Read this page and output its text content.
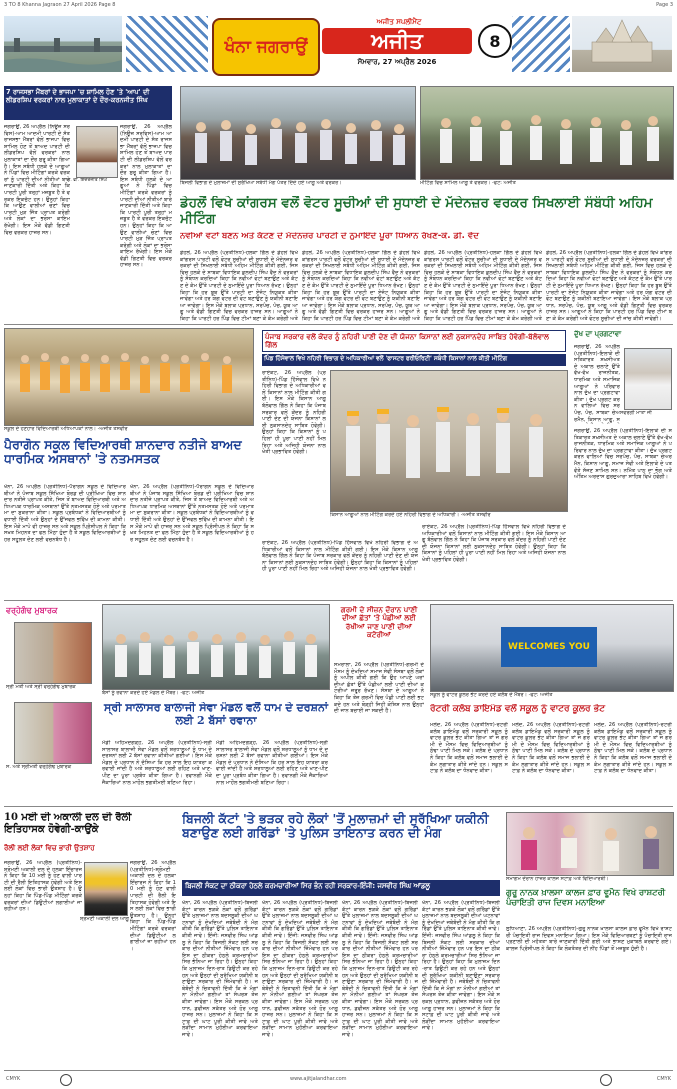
3 TO 8 Khanna Jagraon 27 April 2026 Page 8	Page 3
ਖੰਨਾ ਜਗਰਾਉਂ
ਅਜੀਤ ਸਪਲੀਮੈਂਟ
ਅਜੀਤ
ਸੋਮਵਾਰ, 27 ਅਪ੍ਰੈਲ 2026
8
7 ਰਾਜਸਭਾ ਮੈਂਬਰਾਂ ਦੇ ਭਾਜਪਾ 'ਚ ਸ਼ਾਮਿਲ ਹੋਣ 'ਤੇ 'ਆਪ' ਦੀ ਲੀਡਰਸ਼ਿਪ ਵਰਕਰਾਂ ਨਾਲ ਮੁਲਾਕਾਤਾਂ ਦੇ ਦੌਰ-ਕਰਨਜੀਤ ਸਿੰਘ
ਪੀ. ਵੀ. ਇੰਦਰਜੀਤ ਸਿੰਘ
ਜਗਰਾਉਂ, 26 ਅਪ੍ਰੈਲ (ਨਿਊਜ਼ ਸਰਵਿਸ)-ਆਮ ਆਦਮੀ ਪਾਰਟੀ ਦੇ ਸੱਤ ਰਾਜਸਭਾ ਮੈਂਬਰਾਂ ਵੱਲੋਂ ਭਾਜਪਾ ਵਿਚ ਸ਼ਾਮਿਲ ਹੋਣ ਤੋਂ ਬਾਅਦ ਪਾਰਟੀ ਦੀ ਲੀਡਰਸ਼ਿਪ ਵੱਲੋਂ ਵਰਕਰਾਂ ਨਾਲ ਮੁਲਾਕਾਤਾਂ ਦਾ ਦੌਰ ਸ਼ੁਰੂ ਕੀਤਾ ਗਿਆ ਹੈ। ਇਸ ਸਬੰਧੀ ਹਲਕੇ ਦੇ ਆਗੂਆਂ ਨੇ ਪਿੰਡਾਂ ਵਿਚ ਮੀਟਿੰਗਾਂ ਕਰਕੇ ਵਰਕਰਾਂ ਨੂੰ ਪਾਰਟੀ ਦੀਆਂ ਨੀਤੀਆਂ ਬਾਰੇ ਜਾਣਕਾਰੀ ਦਿੱਤੀ ਅਤੇ ਕਿਹਾ ਕਿ ਪਾਰਟੀ ਪੂਰੀ ਤਰ੍ਹਾਂ ਮਜ਼ਬੂਤ ਹੈ ਤੇ ਵਰਕਰ ਇਕਜੁੱਟ ਹਨ। ਉਨ੍ਹਾਂ ਕਿਹਾ ਕਿ ਆਉਣ ਵਾਲੀਆਂ ਚੋਣਾਂ ਵਿਚ ਪਾਰਟੀ ਮੁੜ ਜਿੱਤ ਪ੍ਰਾਪਤ ਕਰੇਗੀ ਅਤੇ ਲੋਕਾਂ ਦਾ ਭਰੋਸਾ ਕਾਇਮ ਰੱਖੇਗੀ। ਇਸ ਮੌਕੇ ਵੱਡੀ ਗਿਣਤੀ ਵਿਚ ਵਰਕਰ ਹਾਜ਼ਰ ਸਨ।
ਜਗਰਾਉਂ, 26 ਅਪ੍ਰੈਲ (ਨਿਊਜ਼ ਸਰਵਿਸ)-ਆਮ ਆਦਮੀ ਪਾਰਟੀ ਦੇ ਸੱਤ ਰਾਜਸਭਾ ਮੈਂਬਰਾਂ ਵੱਲੋਂ ਭਾਜਪਾ ਵਿਚ ਸ਼ਾਮਿਲ ਹੋਣ ਤੋਂ ਬਾਅਦ ਪਾਰਟੀ ਦੀ ਲੀਡਰਸ਼ਿਪ ਵੱਲੋਂ ਵਰਕਰਾਂ ਨਾਲ ਮੁਲਾਕਾਤਾਂ ਦਾ ਦੌਰ ਸ਼ੁਰੂ ਕੀਤਾ ਗਿਆ ਹੈ। ਇਸ ਸਬੰਧੀ ਹਲਕੇ ਦੇ ਆਗੂਆਂ ਨੇ ਪਿੰਡਾਂ ਵਿਚ ਮੀਟਿੰਗਾਂ ਕਰਕੇ ਵਰਕਰਾਂ ਨੂੰ ਪਾਰਟੀ ਦੀਆਂ ਨੀਤੀਆਂ ਬਾਰੇ ਜਾਣਕਾਰੀ ਦਿੱਤੀ ਅਤੇ ਕਿਹਾ ਕਿ ਪਾਰਟੀ ਪੂਰੀ ਤਰ੍ਹਾਂ ਮਜ਼ਬੂਤ ਹੈ ਤੇ ਵਰਕਰ ਇਕਜੁੱਟ ਹਨ। ਉਨ੍ਹਾਂ ਕਿਹਾ ਕਿ ਆਉਣ ਵਾਲੀਆਂ ਚੋਣਾਂ ਵਿਚ ਪਾਰਟੀ ਮੁੜ ਜਿੱਤ ਪ੍ਰਾਪਤ ਕਰੇਗੀ ਅਤੇ ਲੋਕਾਂ ਦਾ ਭਰੋਸਾ ਕਾਇਮ ਰੱਖੇਗੀ। ਇਸ ਮੌਕੇ ਵੱਡੀ ਗਿਣਤੀ ਵਿਚ ਵਰਕਰ ਹਾਜ਼ਰ ਸਨ।
ਬਿਜਲੀ ਵਿਭਾਗ ਦੇ ਮੁਲਾਜ਼ਮਾਂ ਦੀ ਸੁਰੱਖਿਆ ਸਬੰਧੀ ਮੰਗ ਪੱਤਰ ਦਿੰਦੇ ਹੋਏ ਆਗੂ ਅਤੇ ਵਰਕਰ।	ਮੀਟਿੰਗ ਵਿਚ ਸ਼ਾਮਿਲ ਆਗੂ ਤੇ ਵਰਕਰ। -ਫੋਟੋ: ਅਜੀਤ
ਡੇਹਲੋਂ ਵਿਖੇ ਕਾਂਗਰਸ ਵਲੋਂ ਵੋਟਰ ਸੂਚੀਆਂ ਦੀ ਸੁਧਾਈ ਦੇ ਮੱਦੇਨਜ਼ਰ ਵਰਕਰ ਸਿਖਲਾਈ ਸੰਬੰਧੀ ਅਹਿਮ ਮੀਟਿੰਗ
ਨਵੀਆਂ ਵੋਟਾਂ ਬਣਨ ਅਤੇ ਕੱਟਣ ਦੇ ਮੱਦੇਨਜ਼ਰ ਪਾਰਟੀ ਦੇ ਨੁਮਾਇੰਦੇ ਪੂਰਾ ਧਿਆਨ ਰੱਖਣ-ਕੇ. ਡੀ. ਵੈਦ
ਡੇਹਲੋਂ, 26 ਅਪ੍ਰੈਲ (ਪ੍ਰਤੀਨਿਧ)-ਹਲਕਾ ਗਿੱਲ ਦੇ ਡੇਹਲੋਂ ਵਿਖੇ ਕਾਂਗਰਸ ਪਾਰਟੀ ਵਲੋਂ ਵੋਟਰ ਸੂਚੀਆਂ ਦੀ ਸੁਧਾਈ ਦੇ ਮੱਦੇਨਜ਼ਰ ਵਰਕਰਾਂ ਦੀ ਸਿਖਲਾਈ ਸਬੰਧੀ ਅਹਿਮ ਮੀਟਿੰਗ ਕੀਤੀ ਗਈ, ਜਿਸ ਵਿਚ ਹਲਕੇ ਦੇ ਸਾਬਕਾ ਵਿਧਾਇਕ ਕੁਲਦੀਪ ਸਿੰਘ ਵੈਦ ਨੇ ਵਰਕਰਾਂ ਨੂੰ ਸੰਬੋਧਨ ਕਰਦਿਆਂ ਕਿਹਾ ਕਿ ਨਵੀਆਂ ਵੋਟਾਂ ਬਣਾਉਣ ਅਤੇ ਕੱਟਣ ਦੇ ਕੰਮ ਉੱਤੇ ਪਾਰਟੀ ਦੇ ਨੁਮਾਇੰਦੇ ਪੂਰਾ ਧਿਆਨ ਰੱਖਣ। ਉਨ੍ਹਾਂ ਕਿਹਾ ਕਿ ਹਰ ਬੂਥ ਉੱਤੇ ਪਾਰਟੀ ਦਾ ਏਜੰਟ ਨਿਯੁਕਤ ਕੀਤਾ ਜਾਵੇਗਾ ਅਤੇ ਹਰ ਯੋਗ ਵੋਟਰ ਦੀ ਵੋਟ ਬਣਾਉਣ ਨੂੰ ਯਕੀਨੀ ਬਣਾਇਆ ਜਾਵੇਗਾ। ਇਸ ਮੌਕੇ ਬਲਾਕ ਪ੍ਰਧਾਨ, ਸਰਪੰਚ, ਪੰਚ, ਯੂਥ ਆਗੂ ਅਤੇ ਵੱਡੀ ਗਿਣਤੀ ਵਿਚ ਵਰਕਰ ਹਾਜ਼ਰ ਸਨ। ਆਗੂਆਂ ਨੇ ਕਿਹਾ ਕਿ ਪਾਰਟੀ ਹਰ ਪਿੰਡ ਵਿਚ ਟੀਮਾਂ ਬਣਾ ਕੇ ਕੰਮ ਕਰੇਗੀ ਅਤੇ
ਡੇਹਲੋਂ, 26 ਅਪ੍ਰੈਲ (ਪ੍ਰਤੀਨਿਧ)-ਹਲਕਾ ਗਿੱਲ ਦੇ ਡੇਹਲੋਂ ਵਿਖੇ ਕਾਂਗਰਸ ਪਾਰਟੀ ਵਲੋਂ ਵੋਟਰ ਸੂਚੀਆਂ ਦੀ ਸੁਧਾਈ ਦੇ ਮੱਦੇਨਜ਼ਰ ਵਰਕਰਾਂ ਦੀ ਸਿਖਲਾਈ ਸਬੰਧੀ ਅਹਿਮ ਮੀਟਿੰਗ ਕੀਤੀ ਗਈ, ਜਿਸ ਵਿਚ ਹਲਕੇ ਦੇ ਸਾਬਕਾ ਵਿਧਾਇਕ ਕੁਲਦੀਪ ਸਿੰਘ ਵੈਦ ਨੇ ਵਰਕਰਾਂ ਨੂੰ ਸੰਬੋਧਨ ਕਰਦਿਆਂ ਕਿਹਾ ਕਿ ਨਵੀਆਂ ਵੋਟਾਂ ਬਣਾਉਣ ਅਤੇ ਕੱਟਣ ਦੇ ਕੰਮ ਉੱਤੇ ਪਾਰਟੀ ਦੇ ਨੁਮਾਇੰਦੇ ਪੂਰਾ ਧਿਆਨ ਰੱਖਣ। ਉਨ੍ਹਾਂ ਕਿਹਾ ਕਿ ਹਰ ਬੂਥ ਉੱਤੇ ਪਾਰਟੀ ਦਾ ਏਜੰਟ ਨਿਯੁਕਤ ਕੀਤਾ ਜਾਵੇਗਾ ਅਤੇ ਹਰ ਯੋਗ ਵੋਟਰ ਦੀ ਵੋਟ ਬਣਾਉਣ ਨੂੰ ਯਕੀਨੀ ਬਣਾਇਆ ਜਾਵੇਗਾ। ਇਸ ਮੌਕੇ ਬਲਾਕ ਪ੍ਰਧਾਨ, ਸਰਪੰਚ, ਪੰਚ, ਯੂਥ ਆਗੂ ਅਤੇ ਵੱਡੀ ਗਿਣਤੀ ਵਿਚ ਵਰਕਰ ਹਾਜ਼ਰ ਸਨ। ਆਗੂਆਂ ਨੇ ਕਿਹਾ ਕਿ ਪਾਰਟੀ ਹਰ ਪਿੰਡ ਵਿਚ ਟੀਮਾਂ ਬਣਾ ਕੇ ਕੰਮ ਕਰੇਗੀ ਅਤੇ
ਡੇਹਲੋਂ, 26 ਅਪ੍ਰੈਲ (ਪ੍ਰਤੀਨਿਧ)-ਹਲਕਾ ਗਿੱਲ ਦੇ ਡੇਹਲੋਂ ਵਿਖੇ ਕਾਂਗਰਸ ਪਾਰਟੀ ਵਲੋਂ ਵੋਟਰ ਸੂਚੀਆਂ ਦੀ ਸੁਧਾਈ ਦੇ ਮੱਦੇਨਜ਼ਰ ਵਰਕਰਾਂ ਦੀ ਸਿਖਲਾਈ ਸਬੰਧੀ ਅਹਿਮ ਮੀਟਿੰਗ ਕੀਤੀ ਗਈ, ਜਿਸ ਵਿਚ ਹਲਕੇ ਦੇ ਸਾਬਕਾ ਵਿਧਾਇਕ ਕੁਲਦੀਪ ਸਿੰਘ ਵੈਦ ਨੇ ਵਰਕਰਾਂ ਨੂੰ ਸੰਬੋਧਨ ਕਰਦਿਆਂ ਕਿਹਾ ਕਿ ਨਵੀਆਂ ਵੋਟਾਂ ਬਣਾਉਣ ਅਤੇ ਕੱਟਣ ਦੇ ਕੰਮ ਉੱਤੇ ਪਾਰਟੀ ਦੇ ਨੁਮਾਇੰਦੇ ਪੂਰਾ ਧਿਆਨ ਰੱਖਣ। ਉਨ੍ਹਾਂ ਕਿਹਾ ਕਿ ਹਰ ਬੂਥ ਉੱਤੇ ਪਾਰਟੀ ਦਾ ਏਜੰਟ ਨਿਯੁਕਤ ਕੀਤਾ ਜਾਵੇਗਾ ਅਤੇ ਹਰ ਯੋਗ ਵੋਟਰ ਦੀ ਵੋਟ ਬਣਾਉਣ ਨੂੰ ਯਕੀਨੀ ਬਣਾਇਆ ਜਾਵੇਗਾ। ਇਸ ਮੌਕੇ ਬਲਾਕ ਪ੍ਰਧਾਨ, ਸਰਪੰਚ, ਪੰਚ, ਯੂਥ ਆਗੂ ਅਤੇ ਵੱਡੀ ਗਿਣਤੀ ਵਿਚ ਵਰਕਰ ਹਾਜ਼ਰ ਸਨ। ਆਗੂਆਂ ਨੇ ਕਿਹਾ ਕਿ ਪਾਰਟੀ ਹਰ ਪਿੰਡ ਵਿਚ ਟੀਮਾਂ ਬਣਾ ਕੇ ਕੰਮ ਕਰੇਗੀ ਅਤੇ
ਡੇਹਲੋਂ, 26 ਅਪ੍ਰੈਲ (ਪ੍ਰਤੀਨਿਧ)-ਹਲਕਾ ਗਿੱਲ ਦੇ ਡੇਹਲੋਂ ਵਿਖੇ ਕਾਂਗਰਸ ਪਾਰਟੀ ਵਲੋਂ ਵੋਟਰ ਸੂਚੀਆਂ ਦੀ ਸੁਧਾਈ ਦੇ ਮੱਦੇਨਜ਼ਰ ਵਰਕਰਾਂ ਦੀ ਸਿਖਲਾਈ ਸਬੰਧੀ ਅਹਿਮ ਮੀਟਿੰਗ ਕੀਤੀ ਗਈ, ਜਿਸ ਵਿਚ ਹਲਕੇ ਦੇ ਸਾਬਕਾ ਵਿਧਾਇਕ ਕੁਲਦੀਪ ਸਿੰਘ ਵੈਦ ਨੇ ਵਰਕਰਾਂ ਨੂੰ ਸੰਬੋਧਨ ਕਰਦਿਆਂ ਕਿਹਾ ਕਿ ਨਵੀਆਂ ਵੋਟਾਂ ਬਣਾਉਣ ਅਤੇ ਕੱਟਣ ਦੇ ਕੰਮ ਉੱਤੇ ਪਾਰਟੀ ਦੇ ਨੁਮਾਇੰਦੇ ਪੂਰਾ ਧਿਆਨ ਰੱਖਣ। ਉਨ੍ਹਾਂ ਕਿਹਾ ਕਿ ਹਰ ਬੂਥ ਉੱਤੇ ਪਾਰਟੀ ਦਾ ਏਜੰਟ ਨਿਯੁਕਤ ਕੀਤਾ ਜਾਵੇਗਾ ਅਤੇ ਹਰ ਯੋਗ ਵੋਟਰ ਦੀ ਵੋਟ ਬਣਾਉਣ ਨੂੰ ਯਕੀਨੀ ਬਣਾਇਆ ਜਾਵੇਗਾ। ਇਸ ਮੌਕੇ ਬਲਾਕ ਪ੍ਰਧਾਨ, ਸਰਪੰਚ, ਪੰਚ, ਯੂਥ ਆਗੂ ਅਤੇ ਵੱਡੀ ਗਿਣਤੀ ਵਿਚ ਵਰਕਰ ਹਾਜ਼ਰ ਸਨ। ਆਗੂਆਂ ਨੇ ਕਿਹਾ ਕਿ ਪਾਰਟੀ ਹਰ ਪਿੰਡ ਵਿਚ ਟੀਮਾਂ ਬਣਾ ਕੇ ਕੰਮ ਕਰੇਗੀ ਅਤੇ ਵੋਟਰ ਸੂਚੀਆਂ ਦੀ ਜਾਂਚ ਕੀਤੀ ਜਾਵੇਗੀ।
ਸਕੂਲ ਦੇ ਹੋਣਹਾਰ ਵਿਦਿਆਰਥੀ ਅਧਿਆਪਕਾਂ ਨਾਲ। -ਅਜੀਤ ਤਸਵੀਰ
ਪੈਰਾਗੋਨ ਸਕੂਲ ਵਿਦਿਆਰਥੀ ਸ਼ਾਨਦਾਰ ਨਤੀਜੇ ਬਾਅਦ ਧਾਰਮਿਕ ਅਸਥਾਨਾਂ 'ਤੇ ਨਤਮਸਤਕ
ਖੰਨਾ, 26 ਅਪ੍ਰੈਲ (ਪ੍ਰਤੀਨਿਧ)-ਪੈਰਾਗੋਨ ਸਕੂਲ ਦੇ ਵਿਦਿਆਰਥੀਆਂ ਨੇ ਪੰਜਾਬ ਸਕੂਲ ਸਿੱਖਿਆ ਬੋਰਡ ਦੀ ਪ੍ਰੀਖਿਆ ਵਿਚ ਸ਼ਾਨਦਾਰ ਨਤੀਜੇ ਪ੍ਰਾਪਤ ਕੀਤੇ, ਜਿਸ ਤੋਂ ਬਾਅਦ ਵਿਦਿਆਰਥੀ ਅਤੇ ਅਧਿਆਪਕ ਧਾਰਮਿਕ ਅਸਥਾਨਾਂ ਉੱਤੇ ਨਤਮਸਤਕ ਹੋਏ ਅਤੇ ਪਰਮਾਤਮਾ ਦਾ ਸ਼ੁਕਰਾਨਾ ਕੀਤਾ। ਸਕੂਲ ਪ੍ਰਬੰਧਕਾਂ ਨੇ ਵਿਦਿਆਰਥੀਆਂ ਨੂੰ ਵਧਾਈ ਦਿੱਤੀ ਅਤੇ ਉਨ੍ਹਾਂ ਦੇ ਉੱਜਵਲ ਭਵਿੱਖ ਦੀ ਕਾਮਨਾ ਕੀਤੀ। ਇਸ ਮੌਕੇ ਮਾਪੇ ਵੀ ਹਾਜ਼ਰ ਸਨ ਅਤੇ ਸਕੂਲ ਪ੍ਰਿੰਸੀਪਲ ਨੇ ਕਿਹਾ ਕਿ ਸਖ਼ਤ ਮਿਹਨਤ ਦਾ ਫਲ ਮਿੱਠਾ ਹੁੰਦਾ ਹੈ ਤੇ ਸਕੂਲ ਵਿਦਿਆਰਥੀਆਂ ਨੂੰ ਹਰ ਸਹੂਲਤ ਦੇਣ ਲਈ ਵਚਨਬੱਧ ਹੈ।
ਖੰਨਾ, 26 ਅਪ੍ਰੈਲ (ਪ੍ਰਤੀਨਿਧ)-ਪੈਰਾਗੋਨ ਸਕੂਲ ਦੇ ਵਿਦਿਆਰਥੀਆਂ ਨੇ ਪੰਜਾਬ ਸਕੂਲ ਸਿੱਖਿਆ ਬੋਰਡ ਦੀ ਪ੍ਰੀਖਿਆ ਵਿਚ ਸ਼ਾਨਦਾਰ ਨਤੀਜੇ ਪ੍ਰਾਪਤ ਕੀਤੇ, ਜਿਸ ਤੋਂ ਬਾਅਦ ਵਿਦਿਆਰਥੀ ਅਤੇ ਅਧਿਆਪਕ ਧਾਰਮਿਕ ਅਸਥਾਨਾਂ ਉੱਤੇ ਨਤਮਸਤਕ ਹੋਏ ਅਤੇ ਪਰਮਾਤਮਾ ਦਾ ਸ਼ੁਕਰਾਨਾ ਕੀਤਾ। ਸਕੂਲ ਪ੍ਰਬੰਧਕਾਂ ਨੇ ਵਿਦਿਆਰਥੀਆਂ ਨੂੰ ਵਧਾਈ ਦਿੱਤੀ ਅਤੇ ਉਨ੍ਹਾਂ ਦੇ ਉੱਜਵਲ ਭਵਿੱਖ ਦੀ ਕਾਮਨਾ ਕੀਤੀ। ਇਸ ਮੌਕੇ ਮਾਪੇ ਵੀ ਹਾਜ਼ਰ ਸਨ ਅਤੇ ਸਕੂਲ ਪ੍ਰਿੰਸੀਪਲ ਨੇ ਕਿਹਾ ਕਿ ਸਖ਼ਤ ਮਿਹਨਤ ਦਾ ਫਲ ਮਿੱਠਾ ਹੁੰਦਾ ਹੈ ਤੇ ਸਕੂਲ ਵਿਦਿਆਰਥੀਆਂ ਨੂੰ ਹਰ ਸਹੂਲਤ ਦੇਣ ਲਈ ਵਚਨਬੱਧ ਹੈ।
ਪੰਜਾਬ ਸਰਕਾਰ ਵਲੋਂ ਕੇਂਦਰ ਨੂੰ ਨਹਿਰੀ ਪਾਣੀ ਦੇਣ ਦੀ ਯੋਜਨਾ ਕਿਸਾਨਾਂ ਲਈ ਨੁਕਸਾਨਦੇਹ ਸਾਬਿਤ ਹੋਵੇਗੀ-ਬੱਲੋਵਾਲ ਗਿੱਲ
ਪਿੰਡ ਹਿੱਸੋਵਾਲ ਵਿਖੇ ਨਹਿਰੀ ਵਿਭਾਗ ਦੇ ਅਧਿਕਾਰੀਆਂ ਵਲੋਂ 'ਫਾਸਟਰ ਫਰੀਓਰਿਟੀ' ਸਬੰਧੀ ਕਿਸਾਨਾਂ ਨਾਲ ਕੀਤੀ ਮੀਟਿੰਗ
ਰਾਏਕੋਟ, 26 ਅਪ੍ਰੈਲ (ਪ੍ਰਤੀਨਿਧ)-ਪਿੰਡ ਹਿੱਸੋਵਾਲ ਵਿਖੇ ਨਹਿਰੀ ਵਿਭਾਗ ਦੇ ਅਧਿਕਾਰੀਆਂ ਵਲੋਂ ਕਿਸਾਨਾਂ ਨਾਲ ਮੀਟਿੰਗ ਕੀਤੀ ਗਈ। ਇਸ ਮੌਕੇ ਕਿਸਾਨ ਆਗੂ ਬੱਲੋਵਾਲ ਗਿੱਲ ਨੇ ਕਿਹਾ ਕਿ ਪੰਜਾਬ ਸਰਕਾਰ ਵਲੋਂ ਕੇਂਦਰ ਨੂੰ ਨਹਿਰੀ ਪਾਣੀ ਦੇਣ ਦੀ ਯੋਜਨਾ ਕਿਸਾਨਾਂ ਲਈ ਨੁਕਸਾਨਦੇਹ ਸਾਬਿਤ ਹੋਵੇਗੀ। ਉਨ੍ਹਾਂ ਕਿਹਾ ਕਿ ਕਿਸਾਨਾਂ ਨੂੰ ਪਹਿਲਾਂ ਹੀ ਪੂਰਾ ਪਾਣੀ ਨਹੀਂ ਮਿਲ ਰਿਹਾ ਅਤੇ ਅਜਿਹੀ ਯੋਜਨਾ ਨਾਲ ਖੇਤੀ ਪ੍ਰਭਾਵਿਤ ਹੋਵੇਗੀ।
ਕਿਸਾਨ ਆਗੂਆਂ ਨਾਲ ਮੀਟਿੰਗ ਕਰਦੇ ਹੋਏ ਨਹਿਰੀ ਵਿਭਾਗ ਦੇ ਅਧਿਕਾਰੀ। -ਅਜੀਤ ਤਸਵੀਰ
ਰਾਏਕੋਟ, 26 ਅਪ੍ਰੈਲ (ਪ੍ਰਤੀਨਿਧ)-ਪਿੰਡ ਹਿੱਸੋਵਾਲ ਵਿਖੇ ਨਹਿਰੀ ਵਿਭਾਗ ਦੇ ਅਧਿਕਾਰੀਆਂ ਵਲੋਂ ਕਿਸਾਨਾਂ ਨਾਲ ਮੀਟਿੰਗ ਕੀਤੀ ਗਈ। ਇਸ ਮੌਕੇ ਕਿਸਾਨ ਆਗੂ ਬੱਲੋਵਾਲ ਗਿੱਲ ਨੇ ਕਿਹਾ ਕਿ ਪੰਜਾਬ ਸਰਕਾਰ ਵਲੋਂ ਕੇਂਦਰ ਨੂੰ ਨਹਿਰੀ ਪਾਣੀ ਦੇਣ ਦੀ ਯੋਜਨਾ ਕਿਸਾਨਾਂ ਲਈ ਨੁਕਸਾਨਦੇਹ ਸਾਬਿਤ ਹੋਵੇਗੀ। ਉਨ੍ਹਾਂ ਕਿਹਾ ਕਿ ਕਿਸਾਨਾਂ ਨੂੰ ਪਹਿਲਾਂ ਹੀ ਪੂਰਾ ਪਾਣੀ ਨਹੀਂ ਮਿਲ ਰਿਹਾ ਅਤੇ ਅਜਿਹੀ ਯੋਜਨਾ ਨਾਲ ਖੇਤੀ ਪ੍ਰਭਾਵਿਤ ਹੋਵੇਗੀ।
ਰਾਏਕੋਟ, 26 ਅਪ੍ਰੈਲ (ਪ੍ਰਤੀਨਿਧ)-ਪਿੰਡ ਹਿੱਸੋਵਾਲ ਵਿਖੇ ਨਹਿਰੀ ਵਿਭਾਗ ਦੇ ਅਧਿਕਾਰੀਆਂ ਵਲੋਂ ਕਿਸਾਨਾਂ ਨਾਲ ਮੀਟਿੰਗ ਕੀਤੀ ਗਈ। ਇਸ ਮੌਕੇ ਕਿਸਾਨ ਆਗੂ ਬੱਲੋਵਾਲ ਗਿੱਲ ਨੇ ਕਿਹਾ ਕਿ ਪੰਜਾਬ ਸਰਕਾਰ ਵਲੋਂ ਕੇਂਦਰ ਨੂੰ ਨਹਿਰੀ ਪਾਣੀ ਦੇਣ ਦੀ ਯੋਜਨਾ ਕਿਸਾਨਾਂ ਲਈ ਨੁਕਸਾਨਦੇਹ ਸਾਬਿਤ ਹੋਵੇਗੀ। ਉਨ੍ਹਾਂ ਕਿਹਾ ਕਿ ਕਿਸਾਨਾਂ ਨੂੰ ਪਹਿਲਾਂ ਹੀ ਪੂਰਾ ਪਾਣੀ ਨਹੀਂ ਮਿਲ ਰਿਹਾ ਅਤੇ ਅਜਿਹੀ ਯੋਜਨਾ ਨਾਲ ਖੇਤੀ ਪ੍ਰਭਾਵਿਤ ਹੋਵੇਗੀ।
ਦੁੱਖ ਦਾ ਪ੍ਰਗਟਾਵਾ
ਸਵਰਗੀ ਮਾਤਾ ਜੀ
ਜਗਰਾਉਂ, 26 ਅਪ੍ਰੈਲ (ਪ੍ਰਤੀਨਿਧ)-ਇਲਾਕੇ ਦੀ ਸਤਿਕਾਰਤ ਸ਼ਖ਼ਸੀਅਤ ਦੇ ਅਕਾਲ ਚਲਾਣੇ ਉੱਤੇ ਵੱਖ-ਵੱਖ ਰਾਜਨੀਤਕ, ਧਾਰਮਿਕ ਅਤੇ ਸਮਾਜਿਕ ਆਗੂਆਂ ਨੇ ਪਰਿਵਾਰ ਨਾਲ ਦੁੱਖ ਦਾ ਪ੍ਰਗਟਾਵਾ ਕੀਤਾ। ਦੁੱਖ ਪ੍ਰਗਟ ਕਰਨ ਵਾਲਿਆਂ ਵਿਚ ਸਰਪੰਚ, ਪੰਚ, ਸਾਬਕਾ ਚੇਅਰਮੈਨ, ਕਿਸਾਨ ਆਗੂ, ਸ
ਜਗਰਾਉਂ, 26 ਅਪ੍ਰੈਲ (ਪ੍ਰਤੀਨਿਧ)-ਇਲਾਕੇ ਦੀ ਸਤਿਕਾਰਤ ਸ਼ਖ਼ਸੀਅਤ ਦੇ ਅਕਾਲ ਚਲਾਣੇ ਉੱਤੇ ਵੱਖ-ਵੱਖ ਰਾਜਨੀਤਕ, ਧਾਰਮਿਕ ਅਤੇ ਸਮਾਜਿਕ ਆਗੂਆਂ ਨੇ ਪਰਿਵਾਰ ਨਾਲ ਦੁੱਖ ਦਾ ਪ੍ਰਗਟਾਵਾ ਕੀਤਾ। ਦੁੱਖ ਪ੍ਰਗਟ ਕਰਨ ਵਾਲਿਆਂ ਵਿਚ ਸਰਪੰਚ, ਪੰਚ, ਸਾਬਕਾ ਚੇਅਰਮੈਨ, ਕਿਸਾਨ ਆਗੂ, ਸਮਾਜ ਸੇਵੀ ਅਤੇ ਇਲਾਕੇ ਦੇ ਪਤਵੰਤੇ ਸੱਜਣ ਸ਼ਾਮਿਲ ਸਨ। ਨਮਿੱਤ ਪਾਠ ਦਾ ਭੋਗ ਅਤੇ ਅੰਤਿਮ ਅਰਦਾਸ ਗੁਰਦੁਆਰਾ ਸਾਹਿਬ ਵਿਖੇ ਹੋਵੇਗੀ।
ਵਰ੍ਹੇਗੰਢ ਮੁਬਾਰਕ
ਸ੍ਰੀ ਮਤੀ ਅਤੇ ਸ੍ਰੀ ਵਰ੍ਹੇਗੰਢ ਮੁਬਾਰਕ
ਸ. ਅਤੇ ਸ੍ਰੀਮਤੀ ਵਰ੍ਹੇਗੰਢ ਮੁਬਾਰਕ
ਬੱਸਾਂ ਨੂੰ ਰਵਾਨਾ ਕਰਦੇ ਹੋਏ ਮੰਡਲ ਦੇ ਮੈਂਬਰ। -ਫੋਟੋ: ਅਜੀਤ
ਸ੍ਰੀ ਸਾਲਾਸਰ ਬਾਲਾਜੀ ਸੇਵਾ ਮੰਡਲ ਵਲੋਂ ਧਾਮ ਦੇ ਦਰਸ਼ਨਾਂ ਲਈ 2 ਬੱਸਾਂ ਰਵਾਨਾ
ਮੰਡੀ ਅਹਿਮਦਗੜ੍ਹ, 26 ਅਪ੍ਰੈਲ (ਪ੍ਰਤੀਨਿਧ)-ਸ੍ਰੀ ਸਾਲਾਸਰ ਬਾਲਾਜੀ ਸੇਵਾ ਮੰਡਲ ਵਲੋਂ ਸ਼ਰਧਾਲੂਆਂ ਨੂੰ ਧਾਮ ਦੇ ਦਰਸ਼ਨਾਂ ਲਈ 2 ਬੱਸਾਂ ਰਵਾਨਾ ਕੀਤੀਆਂ ਗਈਆਂ। ਇਸ ਮੌਕੇ ਮੰਡਲ ਦੇ ਪ੍ਰਧਾਨ ਨੇ ਦੱਸਿਆ ਕਿ ਹਰ ਸਾਲ ਇਹ ਯਾਤਰਾ ਕਰਵਾਈ ਜਾਂਦੀ ਹੈ ਅਤੇ ਸ਼ਰਧਾਲੂਆਂ ਲਈ ਰਹਿਣ ਅਤੇ ਖਾਣ-ਪੀਣ ਦਾ ਪੂਰਾ ਪ੍ਰਬੰਧ ਕੀਤਾ ਗਿਆ ਹੈ। ਰਵਾਨਗੀ ਮੌਕੇ ਜੈਕਾਰਿਆਂ ਨਾਲ ਮਾਹੌਲ ਭਗਤੀਮਈ ਬਣਿਆ ਰਿਹਾ।
ਮੰਡੀ ਅਹਿਮਦਗੜ੍ਹ, 26 ਅਪ੍ਰੈਲ (ਪ੍ਰਤੀਨਿਧ)-ਸ੍ਰੀ ਸਾਲਾਸਰ ਬਾਲਾਜੀ ਸੇਵਾ ਮੰਡਲ ਵਲੋਂ ਸ਼ਰਧਾਲੂਆਂ ਨੂੰ ਧਾਮ ਦੇ ਦਰਸ਼ਨਾਂ ਲਈ 2 ਬੱਸਾਂ ਰਵਾਨਾ ਕੀਤੀਆਂ ਗਈਆਂ। ਇਸ ਮੌਕੇ ਮੰਡਲ ਦੇ ਪ੍ਰਧਾਨ ਨੇ ਦੱਸਿਆ ਕਿ ਹਰ ਸਾਲ ਇਹ ਯਾਤਰਾ ਕਰਵਾਈ ਜਾਂਦੀ ਹੈ ਅਤੇ ਸ਼ਰਧਾਲੂਆਂ ਲਈ ਰਹਿਣ ਅਤੇ ਖਾਣ-ਪੀਣ ਦਾ ਪੂਰਾ ਪ੍ਰਬੰਧ ਕੀਤਾ ਗਿਆ ਹੈ। ਰਵਾਨਗੀ ਮੌਕੇ ਜੈਕਾਰਿਆਂ ਨਾਲ ਮਾਹੌਲ ਭਗਤੀਮਈ ਬਣਿਆ ਰਿਹਾ।
ਗਰਮੀ ਦੇ ਸੀਜ਼ਨ ਦੌਰਾਨ ਪਾਣੀ ਦੀਆਂ ਛੱਤਾਂ 'ਤੇ ਪੰਛੀਆਂ ਲਈ ਰੱਖੀਆਂ ਜਾਣ ਪਾਣੀ ਦੀਆਂ ਕਟੋਰੀਆਂ
ਸਮਰਾਲਾ, 26 ਅਪ੍ਰੈਲ (ਪ੍ਰਤੀਨਿਧ)-ਗਰਮੀ ਦੇ ਮੌਸਮ ਨੂੰ ਦੇਖਦਿਆਂ ਸਮਾਜ ਸੇਵੀ ਸੰਸਥਾ ਵਲੋਂ ਲੋਕਾਂ ਨੂੰ ਅਪੀਲ ਕੀਤੀ ਗਈ ਕਿ ਉਹ ਆਪਣੇ ਘਰਾਂ ਦੀਆਂ ਛੱਤਾਂ ਉੱਤੇ ਪੰਛੀਆਂ ਲਈ ਪਾਣੀ ਦੀਆਂ ਕਟੋਰੀਆਂ ਜ਼ਰੂਰ ਰੱਖਣ। ਸੰਸਥਾ ਦੇ ਆਗੂਆਂ ਨੇ ਕਿਹਾ ਕਿ ਤੇਜ਼ ਗਰਮੀ ਵਿਚ ਪੰਛੀ ਪਾਣੀ ਲਈ ਭਟਕਦੇ ਹਨ ਅਤੇ ਥੋੜ੍ਹੀ ਜਿਹੀ ਕੋਸ਼ਿਸ਼ ਨਾਲ ਉਨ੍ਹਾਂ ਦੀ ਜਾਨ ਬਚਾਈ ਜਾ ਸਕਦੀ ਹੈ।
WELCOMES YOU
ਸਕੂਲ ਨੂੰ ਵਾਟਰ ਕੂਲਰ ਭੇਟ ਕਰਦੇ ਹੋਏ ਕਲੱਬ ਦੇ ਮੈਂਬਰ। -ਫੋਟੋ: ਅਜੀਤ
ਰੋਟਰੀ ਕਲੱਬ ਡਾਇਮੰਡ ਵਲੋਂ ਸਕੂਲ ਨੂੰ ਵਾਟਰ ਕੂਲਰ ਭੇਟ
ਮਲੌਦ, 26 ਅਪ੍ਰੈਲ (ਪ੍ਰਤੀਨਿਧ)-ਰੋਟਰੀ ਕਲੱਬ ਡਾਇਮੰਡ ਵਲੋਂ ਸਰਕਾਰੀ ਸਕੂਲ ਨੂੰ ਵਾਟਰ ਕੂਲਰ ਭੇਟ ਕੀਤਾ ਗਿਆ ਤਾਂ ਜੋ ਗਰਮੀ ਦੇ ਮੌਸਮ ਵਿਚ ਵਿਦਿਆਰਥੀਆਂ ਨੂੰ ਠੰਢਾ ਪਾਣੀ ਮਿਲ ਸਕੇ। ਕਲੱਬ ਦੇ ਪ੍ਰਧਾਨ ਨੇ ਕਿਹਾ ਕਿ ਕਲੱਬ ਵਲੋਂ ਸਮਾਜ ਭਲਾਈ ਦੇ ਕੰਮ ਲਗਾਤਾਰ ਕੀਤੇ ਜਾਂਦੇ ਹਨ। ਸਕੂਲ ਸਟਾਫ਼ ਨੇ ਕਲੱਬ ਦਾ ਧੰਨਵਾਦ ਕੀਤਾ।
ਮਲੌਦ, 26 ਅਪ੍ਰੈਲ (ਪ੍ਰਤੀਨਿਧ)-ਰੋਟਰੀ ਕਲੱਬ ਡਾਇਮੰਡ ਵਲੋਂ ਸਰਕਾਰੀ ਸਕੂਲ ਨੂੰ ਵਾਟਰ ਕੂਲਰ ਭੇਟ ਕੀਤਾ ਗਿਆ ਤਾਂ ਜੋ ਗਰਮੀ ਦੇ ਮੌਸਮ ਵਿਚ ਵਿਦਿਆਰਥੀਆਂ ਨੂੰ ਠੰਢਾ ਪਾਣੀ ਮਿਲ ਸਕੇ। ਕਲੱਬ ਦੇ ਪ੍ਰਧਾਨ ਨੇ ਕਿਹਾ ਕਿ ਕਲੱਬ ਵਲੋਂ ਸਮਾਜ ਭਲਾਈ ਦੇ ਕੰਮ ਲਗਾਤਾਰ ਕੀਤੇ ਜਾਂਦੇ ਹਨ। ਸਕੂਲ ਸਟਾਫ਼ ਨੇ ਕਲੱਬ ਦਾ ਧੰਨਵਾਦ ਕੀਤਾ।
ਮਲੌਦ, 26 ਅਪ੍ਰੈਲ (ਪ੍ਰਤੀਨਿਧ)-ਰੋਟਰੀ ਕਲੱਬ ਡਾਇਮੰਡ ਵਲੋਂ ਸਰਕਾਰੀ ਸਕੂਲ ਨੂੰ ਵਾਟਰ ਕੂਲਰ ਭੇਟ ਕੀਤਾ ਗਿਆ ਤਾਂ ਜੋ ਗਰਮੀ ਦੇ ਮੌਸਮ ਵਿਚ ਵਿਦਿਆਰਥੀਆਂ ਨੂੰ ਠੰਢਾ ਪਾਣੀ ਮਿਲ ਸਕੇ। ਕਲੱਬ ਦੇ ਪ੍ਰਧਾਨ ਨੇ ਕਿਹਾ ਕਿ ਕਲੱਬ ਵਲੋਂ ਸਮਾਜ ਭਲਾਈ ਦੇ ਕੰਮ ਲਗਾਤਾਰ ਕੀਤੇ ਜਾਂਦੇ ਹਨ। ਸਕੂਲ ਸਟਾਫ਼ ਨੇ ਕਲੱਬ ਦਾ ਧੰਨਵਾਦ ਕੀਤਾ।
10 ਮਈ ਦੀ ਅਕਾਲੀ ਦਲ ਦੀ ਰੈਲੀ ਇਤਿਹਾਸਕ ਹੋਵੇਗੀ-ਕਾਉਂਕੇ
ਰੈਲੀ ਲਈ ਲੋਕਾਂ ਵਿਚ ਭਾਰੀ ਉਤਸ਼ਾਹ
ਸ਼੍ਰੋਮਣੀ ਅਕਾਲੀ ਦਲ ਆਗੂ
ਜਗਰਾਉਂ, 26 ਅਪ੍ਰੈਲ (ਪ੍ਰਤੀਨਿਧ)-ਸ਼੍ਰੋਮਣੀ ਅਕਾਲੀ ਦਲ ਦੇ ਹਲਕਾ ਇੰਚਾਰਜ ਨੇ ਕਿਹਾ ਕਿ 10 ਮਈ ਨੂੰ ਹੋਣ ਵਾਲੀ ਪਾਰਟੀ ਦੀ ਰੈਲੀ ਇਤਿਹਾਸਕ ਹੋਵੇਗੀ ਅਤੇ ਇਸ ਲਈ ਲੋਕਾਂ ਵਿਚ ਭਾਰੀ ਉਤਸ਼ਾਹ ਹੈ। ਉਨ੍ਹਾਂ ਕਿਹਾ ਕਿ ਪਿੰਡ-ਪਿੰਡ ਮੀਟਿੰਗਾਂ ਕਰਕੇ ਵਰਕਰਾਂ ਦੀਆਂ ਡਿਊਟੀਆਂ ਲਗਾਈਆਂ ਜਾ ਰਹੀਆਂ ਹਨ।
ਜਗਰਾਉਂ, 26 ਅਪ੍ਰੈਲ (ਪ੍ਰਤੀਨਿਧ)-ਸ਼੍ਰੋਮਣੀ ਅਕਾਲੀ ਦਲ ਦੇ ਹਲਕਾ ਇੰਚਾਰਜ ਨੇ ਕਿਹਾ ਕਿ 10 ਮਈ ਨੂੰ ਹੋਣ ਵਾਲੀ ਪਾਰਟੀ ਦੀ ਰੈਲੀ ਇਤਿਹਾਸਕ ਹੋਵੇਗੀ ਅਤੇ ਇਸ ਲਈ ਲੋਕਾਂ ਵਿਚ ਭਾਰੀ ਉਤਸ਼ਾਹ ਹੈ। ਉਨ੍ਹਾਂ ਕਿਹਾ ਕਿ ਪਿੰਡ-ਪਿੰਡ ਮੀਟਿੰਗਾਂ ਕਰਕੇ ਵਰਕਰਾਂ ਦੀਆਂ ਡਿਊਟੀਆਂ ਲਗਾਈਆਂ ਜਾ ਰਹੀਆਂ ਹਨ।
ਬਿਜਲੀ ਕੱਟਾਂ 'ਤੇ ਭੜਕ ਰਹੇ ਲੋਕਾਂ 'ਤੋਂ ਮੁਲਾਜ਼ਮਾਂ ਦੀ ਸੁਰੱਖਿਆ ਯਕੀਨੀ ਬਣਾਉਣ ਲਈ ਗਰਿੱਡਾਂ 'ਤੇ ਪੁਲਿਸ ਤਾਇਨਾਤ ਕਰਨ ਦੀ ਮੰਗ
ਬਿਜਲੀ ਸੰਕਟ ਦਾ ਠੀਕਰਾ ਹੇਠਲੇ ਕਰਮਚਾਰੀਆਂ ਸਿਰ ਭੰਨ ਰਹੀ ਸਰਕਾਰ-ਇੰਜੀ: ਜਸਵੀਰ ਸਿੰਘ ਆਂਡਲੂ
ਖੰਨਾ, 26 ਅਪ੍ਰੈਲ (ਪ੍ਰਤੀਨਿਧ)-ਬਿਜਲੀ ਕੱਟਾਂ ਕਾਰਨ ਭੜਕੇ ਲੋਕਾਂ ਵਲੋਂ ਗਰਿੱਡਾਂ ਉੱਤੇ ਮੁਲਾਜ਼ਮਾਂ ਨਾਲ ਬਦਸਲੂਕੀ ਦੀਆਂ ਘਟਨਾਵਾਂ ਨੂੰ ਦੇਖਦਿਆਂ ਜਥੇਬੰਦੀ ਨੇ ਮੰਗ ਕੀਤੀ ਕਿ ਗਰਿੱਡਾਂ ਉੱਤੇ ਪੁਲਿਸ ਤਾਇਨਾਤ ਕੀਤੀ ਜਾਵੇ। ਇੰਜੀ: ਜਸਵੀਰ ਸਿੰਘ ਆਂਡਲੂ ਨੇ ਕਿਹਾ ਕਿ ਬਿਜਲੀ ਸੰਕਟ ਲਈ ਸਰਕਾਰ ਦੀਆਂ ਨੀਤੀਆਂ ਜ਼ਿੰਮੇਵਾਰ ਹਨ ਪਰ ਇਸ ਦਾ ਠੀਕਰਾ ਹੇਠਲੇ ਕਰਮਚਾਰੀਆਂ ਸਿਰ ਭੰਨਿਆ ਜਾ ਰਿਹਾ ਹੈ। ਉਨ੍ਹਾਂ ਕਿਹਾ ਕਿ ਮੁਲਾਜ਼ਮ ਦਿਨ-ਰਾਤ ਡਿਊਟੀ ਕਰ ਰਹੇ ਹਨ ਅਤੇ ਉਨ੍ਹਾਂ ਦੀ ਸੁਰੱਖਿਆ ਯਕੀਨੀ ਬਣਾਉਣਾ ਸਰਕਾਰ ਦੀ ਜ਼ਿੰਮੇਵਾਰੀ ਹੈ। ਜਥੇਬੰਦੀ ਨੇ ਚਿਤਾਵਨੀ ਦਿੱਤੀ ਕਿ ਜੇ ਮੰਗਾਂ ਨਾ ਮੰਨੀਆਂ ਗਈਆਂ ਤਾਂ ਸੰਘਰਸ਼ ਤੇਜ਼ ਕੀਤਾ ਜਾਵੇਗਾ। ਇਸ ਮੌਕੇ ਸਰਕਲ ਪ੍ਰਧਾਨ, ਡਵੀਜ਼ਨ ਸਕੱਤਰ ਅਤੇ ਹੋਰ ਆਗੂ ਹਾਜ਼ਰ ਸਨ। ਮੁਲਾਜ਼ਮਾਂ ਨੇ ਕਿਹਾ ਕਿ ਸਟਾਫ਼ ਦੀ ਘਾਟ ਪੂਰੀ ਕੀਤੀ ਜਾਵੇ ਅਤੇ ਲੋੜੀਂਦਾ ਸਾਮਾਨ ਮੁਹੱਈਆ ਕਰਵਾਇਆ ਜਾਵੇ।
ਖੰਨਾ, 26 ਅਪ੍ਰੈਲ (ਪ੍ਰਤੀਨਿਧ)-ਬਿਜਲੀ ਕੱਟਾਂ ਕਾਰਨ ਭੜਕੇ ਲੋਕਾਂ ਵਲੋਂ ਗਰਿੱਡਾਂ ਉੱਤੇ ਮੁਲਾਜ਼ਮਾਂ ਨਾਲ ਬਦਸਲੂਕੀ ਦੀਆਂ ਘਟਨਾਵਾਂ ਨੂੰ ਦੇਖਦਿਆਂ ਜਥੇਬੰਦੀ ਨੇ ਮੰਗ ਕੀਤੀ ਕਿ ਗਰਿੱਡਾਂ ਉੱਤੇ ਪੁਲਿਸ ਤਾਇਨਾਤ ਕੀਤੀ ਜਾਵੇ। ਇੰਜੀ: ਜਸਵੀਰ ਸਿੰਘ ਆਂਡਲੂ ਨੇ ਕਿਹਾ ਕਿ ਬਿਜਲੀ ਸੰਕਟ ਲਈ ਸਰਕਾਰ ਦੀਆਂ ਨੀਤੀਆਂ ਜ਼ਿੰਮੇਵਾਰ ਹਨ ਪਰ ਇਸ ਦਾ ਠੀਕਰਾ ਹੇਠਲੇ ਕਰਮਚਾਰੀਆਂ ਸਿਰ ਭੰਨਿਆ ਜਾ ਰਿਹਾ ਹੈ। ਉਨ੍ਹਾਂ ਕਿਹਾ ਕਿ ਮੁਲਾਜ਼ਮ ਦਿਨ-ਰਾਤ ਡਿਊਟੀ ਕਰ ਰਹੇ ਹਨ ਅਤੇ ਉਨ੍ਹਾਂ ਦੀ ਸੁਰੱਖਿਆ ਯਕੀਨੀ ਬਣਾਉਣਾ ਸਰਕਾਰ ਦੀ ਜ਼ਿੰਮੇਵਾਰੀ ਹੈ। ਜਥੇਬੰਦੀ ਨੇ ਚਿਤਾਵਨੀ ਦਿੱਤੀ ਕਿ ਜੇ ਮੰਗਾਂ ਨਾ ਮੰਨੀਆਂ ਗਈਆਂ ਤਾਂ ਸੰਘਰਸ਼ ਤੇਜ਼ ਕੀਤਾ ਜਾਵੇਗਾ। ਇਸ ਮੌਕੇ ਸਰਕਲ ਪ੍ਰਧਾਨ, ਡਵੀਜ਼ਨ ਸਕੱਤਰ ਅਤੇ ਹੋਰ ਆਗੂ ਹਾਜ਼ਰ ਸਨ। ਮੁਲਾਜ਼ਮਾਂ ਨੇ ਕਿਹਾ ਕਿ ਸਟਾਫ਼ ਦੀ ਘਾਟ ਪੂਰੀ ਕੀਤੀ ਜਾਵੇ ਅਤੇ ਲੋੜੀਂਦਾ ਸਾਮਾਨ ਮੁਹੱਈਆ ਕਰਵਾਇਆ ਜਾਵੇ।
ਖੰਨਾ, 26 ਅਪ੍ਰੈਲ (ਪ੍ਰਤੀਨਿਧ)-ਬਿਜਲੀ ਕੱਟਾਂ ਕਾਰਨ ਭੜਕੇ ਲੋਕਾਂ ਵਲੋਂ ਗਰਿੱਡਾਂ ਉੱਤੇ ਮੁਲਾਜ਼ਮਾਂ ਨਾਲ ਬਦਸਲੂਕੀ ਦੀਆਂ ਘਟਨਾਵਾਂ ਨੂੰ ਦੇਖਦਿਆਂ ਜਥੇਬੰਦੀ ਨੇ ਮੰਗ ਕੀਤੀ ਕਿ ਗਰਿੱਡਾਂ ਉੱਤੇ ਪੁਲਿਸ ਤਾਇਨਾਤ ਕੀਤੀ ਜਾਵੇ। ਇੰਜੀ: ਜਸਵੀਰ ਸਿੰਘ ਆਂਡਲੂ ਨੇ ਕਿਹਾ ਕਿ ਬਿਜਲੀ ਸੰਕਟ ਲਈ ਸਰਕਾਰ ਦੀਆਂ ਨੀਤੀਆਂ ਜ਼ਿੰਮੇਵਾਰ ਹਨ ਪਰ ਇਸ ਦਾ ਠੀਕਰਾ ਹੇਠਲੇ ਕਰਮਚਾਰੀਆਂ ਸਿਰ ਭੰਨਿਆ ਜਾ ਰਿਹਾ ਹੈ। ਉਨ੍ਹਾਂ ਕਿਹਾ ਕਿ ਮੁਲਾਜ਼ਮ ਦਿਨ-ਰਾਤ ਡਿਊਟੀ ਕਰ ਰਹੇ ਹਨ ਅਤੇ ਉਨ੍ਹਾਂ ਦੀ ਸੁਰੱਖਿਆ ਯਕੀਨੀ ਬਣਾਉਣਾ ਸਰਕਾਰ ਦੀ ਜ਼ਿੰਮੇਵਾਰੀ ਹੈ। ਜਥੇਬੰਦੀ ਨੇ ਚਿਤਾਵਨੀ ਦਿੱਤੀ ਕਿ ਜੇ ਮੰਗਾਂ ਨਾ ਮੰਨੀਆਂ ਗਈਆਂ ਤਾਂ ਸੰਘਰਸ਼ ਤੇਜ਼ ਕੀਤਾ ਜਾਵੇਗਾ। ਇਸ ਮੌਕੇ ਸਰਕਲ ਪ੍ਰਧਾਨ, ਡਵੀਜ਼ਨ ਸਕੱਤਰ ਅਤੇ ਹੋਰ ਆਗੂ ਹਾਜ਼ਰ ਸਨ। ਮੁਲਾਜ਼ਮਾਂ ਨੇ ਕਿਹਾ ਕਿ ਸਟਾਫ਼ ਦੀ ਘਾਟ ਪੂਰੀ ਕੀਤੀ ਜਾਵੇ ਅਤੇ ਲੋੜੀਂਦਾ ਸਾਮਾਨ ਮੁਹੱਈਆ ਕਰਵਾਇਆ ਜਾਵੇ।
ਖੰਨਾ, 26 ਅਪ੍ਰੈਲ (ਪ੍ਰਤੀਨਿਧ)-ਬਿਜਲੀ ਕੱਟਾਂ ਕਾਰਨ ਭੜਕੇ ਲੋਕਾਂ ਵਲੋਂ ਗਰਿੱਡਾਂ ਉੱਤੇ ਮੁਲਾਜ਼ਮਾਂ ਨਾਲ ਬਦਸਲੂਕੀ ਦੀਆਂ ਘਟਨਾਵਾਂ ਨੂੰ ਦੇਖਦਿਆਂ ਜਥੇਬੰਦੀ ਨੇ ਮੰਗ ਕੀਤੀ ਕਿ ਗਰਿੱਡਾਂ ਉੱਤੇ ਪੁਲਿਸ ਤਾਇਨਾਤ ਕੀਤੀ ਜਾਵੇ। ਇੰਜੀ: ਜਸਵੀਰ ਸਿੰਘ ਆਂਡਲੂ ਨੇ ਕਿਹਾ ਕਿ ਬਿਜਲੀ ਸੰਕਟ ਲਈ ਸਰਕਾਰ ਦੀਆਂ ਨੀਤੀਆਂ ਜ਼ਿੰਮੇਵਾਰ ਹਨ ਪਰ ਇਸ ਦਾ ਠੀਕਰਾ ਹੇਠਲੇ ਕਰਮਚਾਰੀਆਂ ਸਿਰ ਭੰਨਿਆ ਜਾ ਰਿਹਾ ਹੈ। ਉਨ੍ਹਾਂ ਕਿਹਾ ਕਿ ਮੁਲਾਜ਼ਮ ਦਿਨ-ਰਾਤ ਡਿਊਟੀ ਕਰ ਰਹੇ ਹਨ ਅਤੇ ਉਨ੍ਹਾਂ ਦੀ ਸੁਰੱਖਿਆ ਯਕੀਨੀ ਬਣਾਉਣਾ ਸਰਕਾਰ ਦੀ ਜ਼ਿੰਮੇਵਾਰੀ ਹੈ। ਜਥੇਬੰਦੀ ਨੇ ਚਿਤਾਵਨੀ ਦਿੱਤੀ ਕਿ ਜੇ ਮੰਗਾਂ ਨਾ ਮੰਨੀਆਂ ਗਈਆਂ ਤਾਂ ਸੰਘਰਸ਼ ਤੇਜ਼ ਕੀਤਾ ਜਾਵੇਗਾ। ਇਸ ਮੌਕੇ ਸਰਕਲ ਪ੍ਰਧਾਨ, ਡਵੀਜ਼ਨ ਸਕੱਤਰ ਅਤੇ ਹੋਰ ਆਗੂ ਹਾਜ਼ਰ ਸਨ। ਮੁਲਾਜ਼ਮਾਂ ਨੇ ਕਿਹਾ ਕਿ ਸਟਾਫ਼ ਦੀ ਘਾਟ ਪੂਰੀ ਕੀਤੀ ਜਾਵੇ ਅਤੇ ਲੋੜੀਂਦਾ ਸਾਮਾਨ ਮੁਹੱਈਆ ਕਰਵਾਇਆ ਜਾਵੇ।
ਸਮਾਗਮ ਦੌਰਾਨ ਹਾਜ਼ਰ ਕਾਲਜ ਸਟਾਫ਼ ਅਤੇ ਵਿਦਿਆਰਥੀ।
ਗੁਰੂ ਨਾਨਕ ਖ਼ਾਲਸਾ ਕਾਲਜ ਫ਼ਾਰ ਵੂਮੈਨ ਵਿਖੇ ਰਾਸ਼ਟਰੀ ਪੰਚਾਇਤੀ ਰਾਜ ਦਿਵਸ ਮਨਾਇਆ
ਲੁਧਿਆਣਾ, 26 ਅਪ੍ਰੈਲ (ਪ੍ਰਤੀਨਿਧ)-ਗੁਰੂ ਨਾਨਕ ਖ਼ਾਲਸਾ ਕਾਲਜ ਫ਼ਾਰ ਵੂਮੈਨ ਵਿਖੇ ਰਾਸ਼ਟਰੀ ਪੰਚਾਇਤੀ ਰਾਜ ਦਿਵਸ ਮਨਾਇਆ ਗਿਆ। ਇਸ ਮੌਕੇ ਵਿਦਿਆਰਥਣਾਂ ਨੂੰ ਪੰਚਾਇਤੀ ਰਾਜ ਪ੍ਰਣਾਲੀ ਦੀ ਮਹੱਤਤਾ ਬਾਰੇ ਜਾਣਕਾਰੀ ਦਿੱਤੀ ਗਈ ਅਤੇ ਭਾਸ਼ਣ ਮੁਕਾਬਲੇ ਕਰਵਾਏ ਗਏ। ਕਾਲਜ ਪ੍ਰਿੰਸੀਪਲ ਨੇ ਕਿਹਾ ਕਿ ਲੋਕਤੰਤਰ ਦੀ ਨੀਂਹ ਪਿੰਡਾਂ ਤੋਂ ਮਜ਼ਬੂਤ ਹੁੰਦੀ ਹੈ।
CMYK	www.ajitjalandhar.com	CMYK
